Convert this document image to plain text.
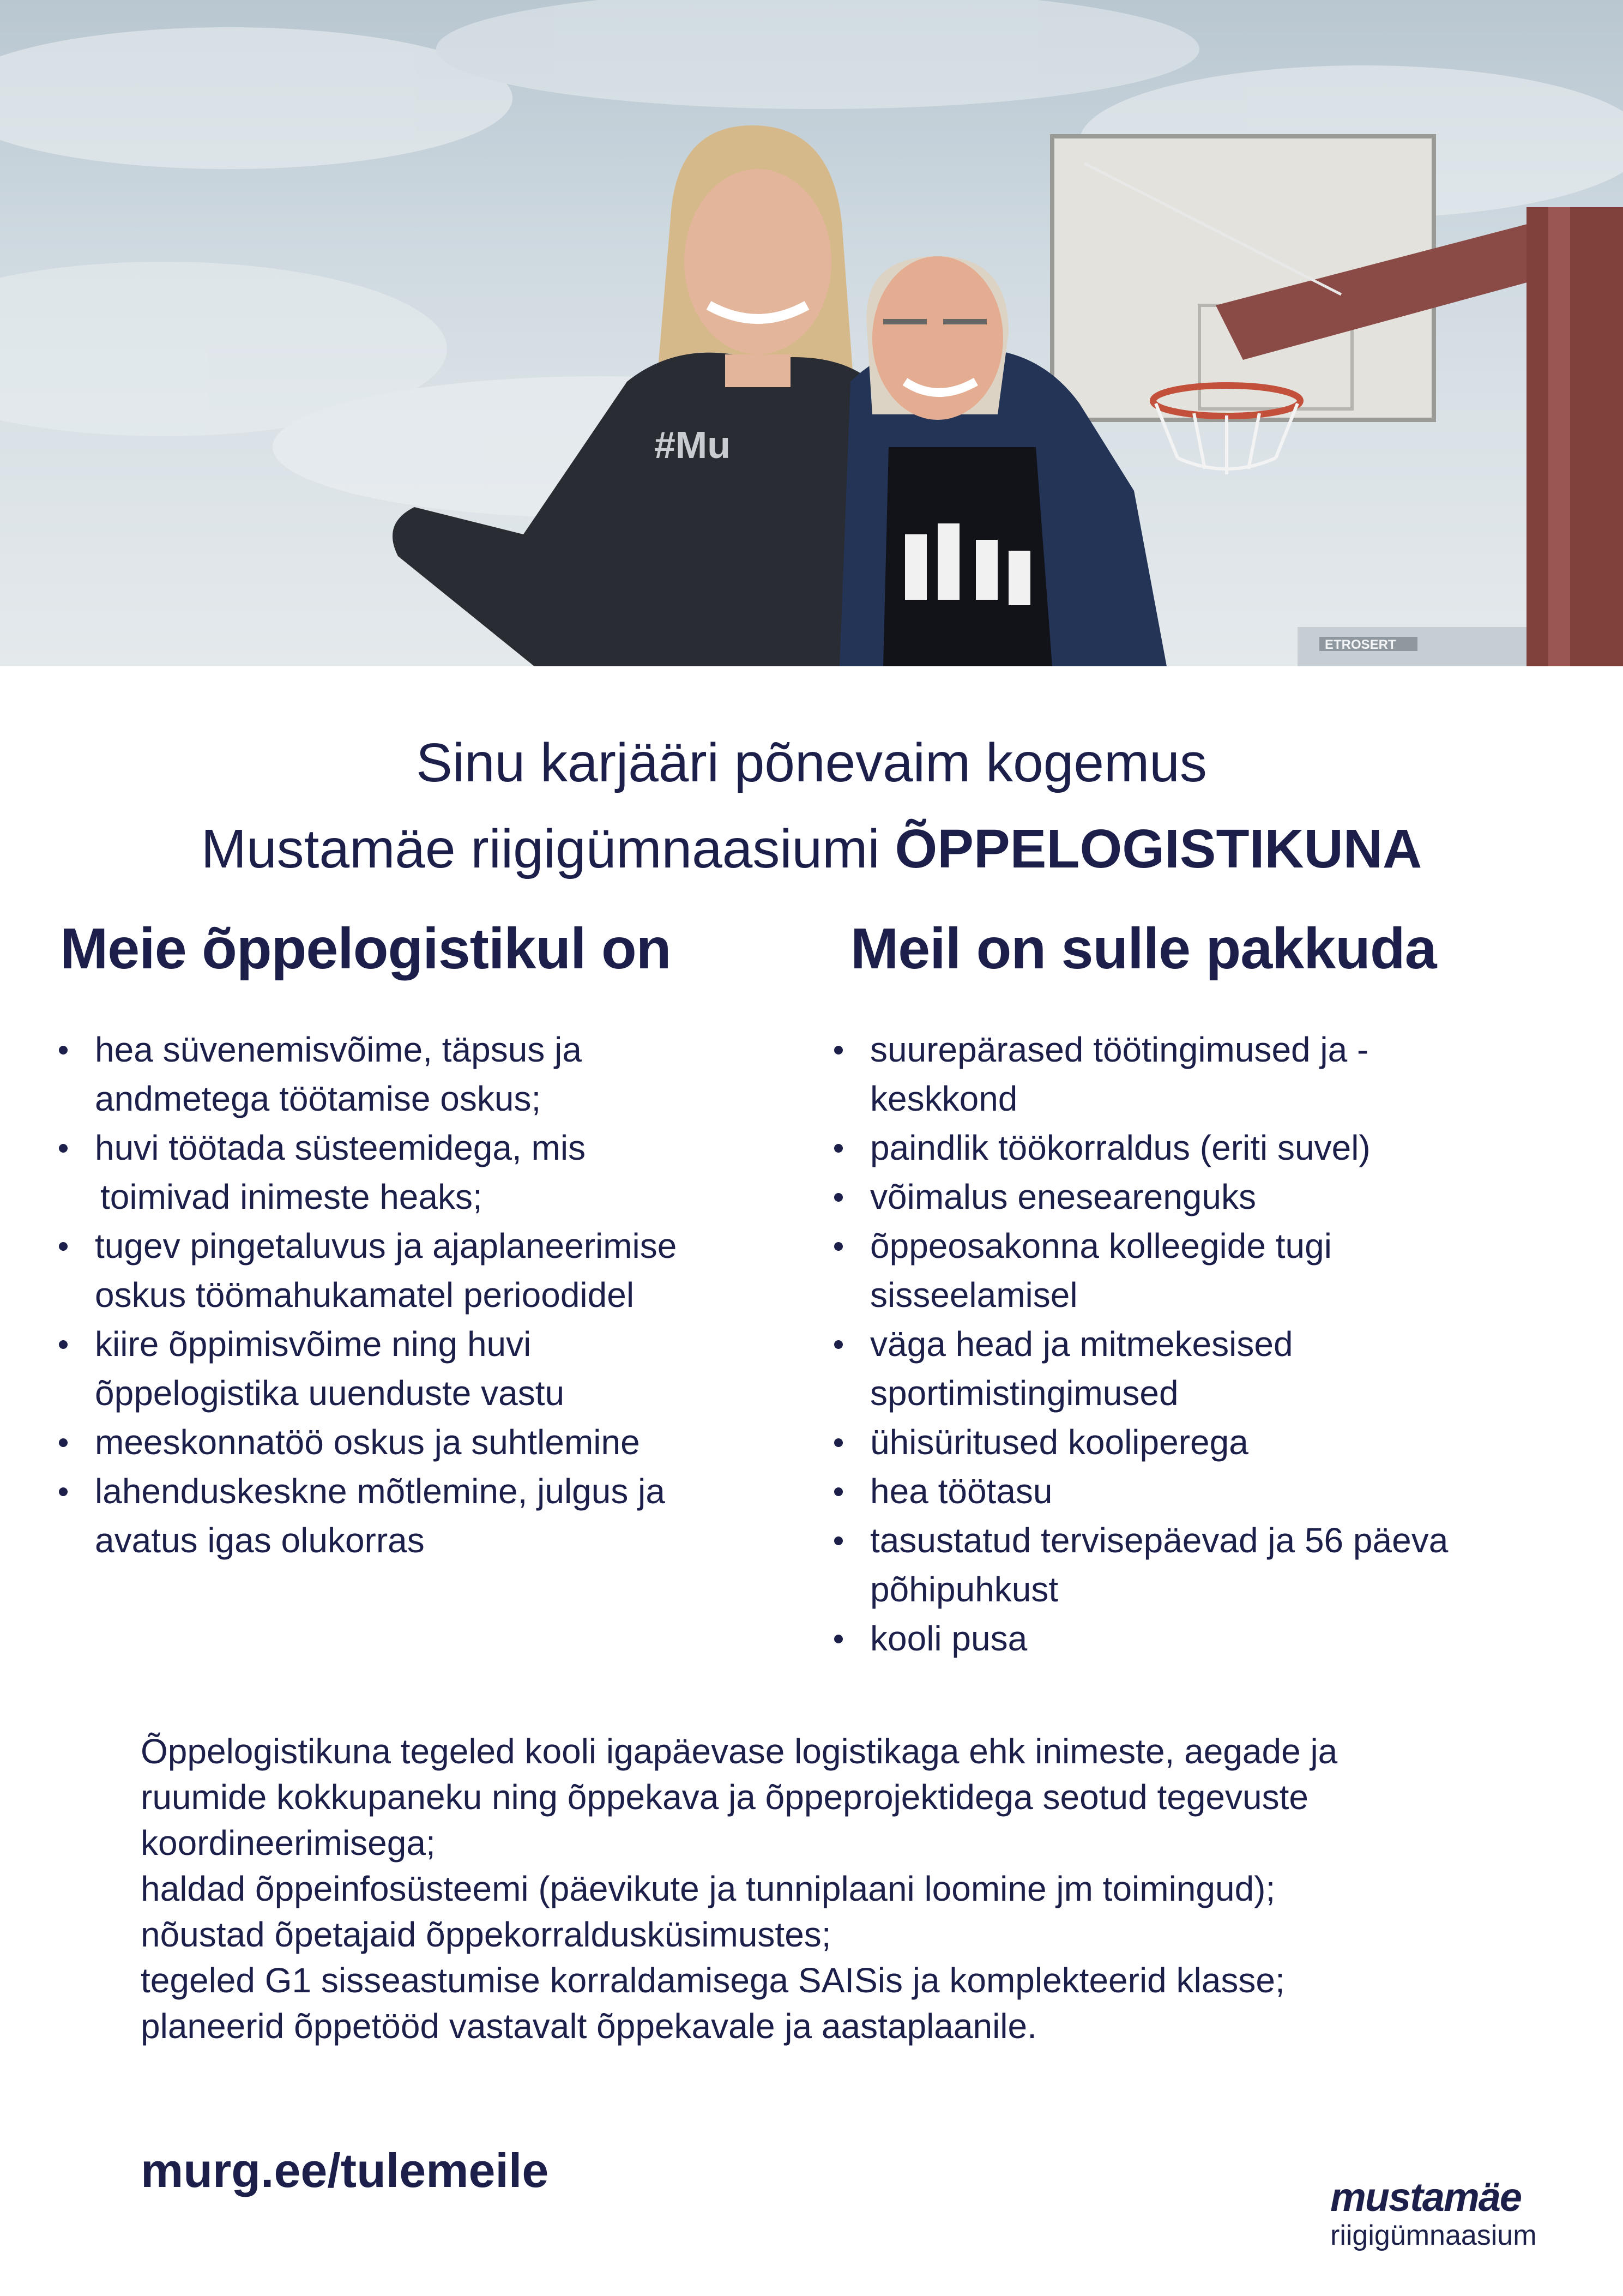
ETROSERT
#Mu
Sinu karjääri põnevaim kogemus
Mustamäe riigigümnaasiumi ÕPPELOGISTIKUNA
Meie õppelogistikul on
hea süvenemisvõime, täpsus ja
andmetega töötamise oskus;
huvi töötada süsteemidega, mis
toimivad inimeste heaks;
tugev pingetaluvus ja ajaplaneerimise
oskus töömahukamatel perioodidel
kiire õppimisvõime ning huvi
õppelogistika uuenduste vastu
meeskonnatöö oskus ja suhtlemine
lahenduskeskne mõtlemine, julgus ja
avatus igas olukorras
Meil on sulle pakkuda
suurepärased töötingimused ja -
keskkond
paindlik töökorraldus (eriti suvel)
võimalus enesearenguks
õppeosakonna kolleegide tugi
sisseelamisel
väga head ja mitmekesised
sportimistingimused
ühisüritused kooliperega
hea töötasu
tasustatud tervisepäevad ja 56 päeva
põhipuhkust
kooli pusa

Õppelogistikuna tegeled kooli igapäevase logistikaga ehk inimeste, aegade ja

ruumide kokkupaneku ning õppekava ja õppeprojektidega seotud tegevuste

koordineerimisega;

haldad õppeinfosüsteemi (päevikute ja tunniplaani loomine jm toimingud);

nõustad õpetajaid õppekorraldusküsimustes;

tegeled G1 sisseastumise korraldamisega SAISis ja komplekteerid klasse;

planeerid õppetööd vastavalt õppekavale ja aastaplaanile.

murg.ee/tulemeile	mustamäe
riigigümnaasium
